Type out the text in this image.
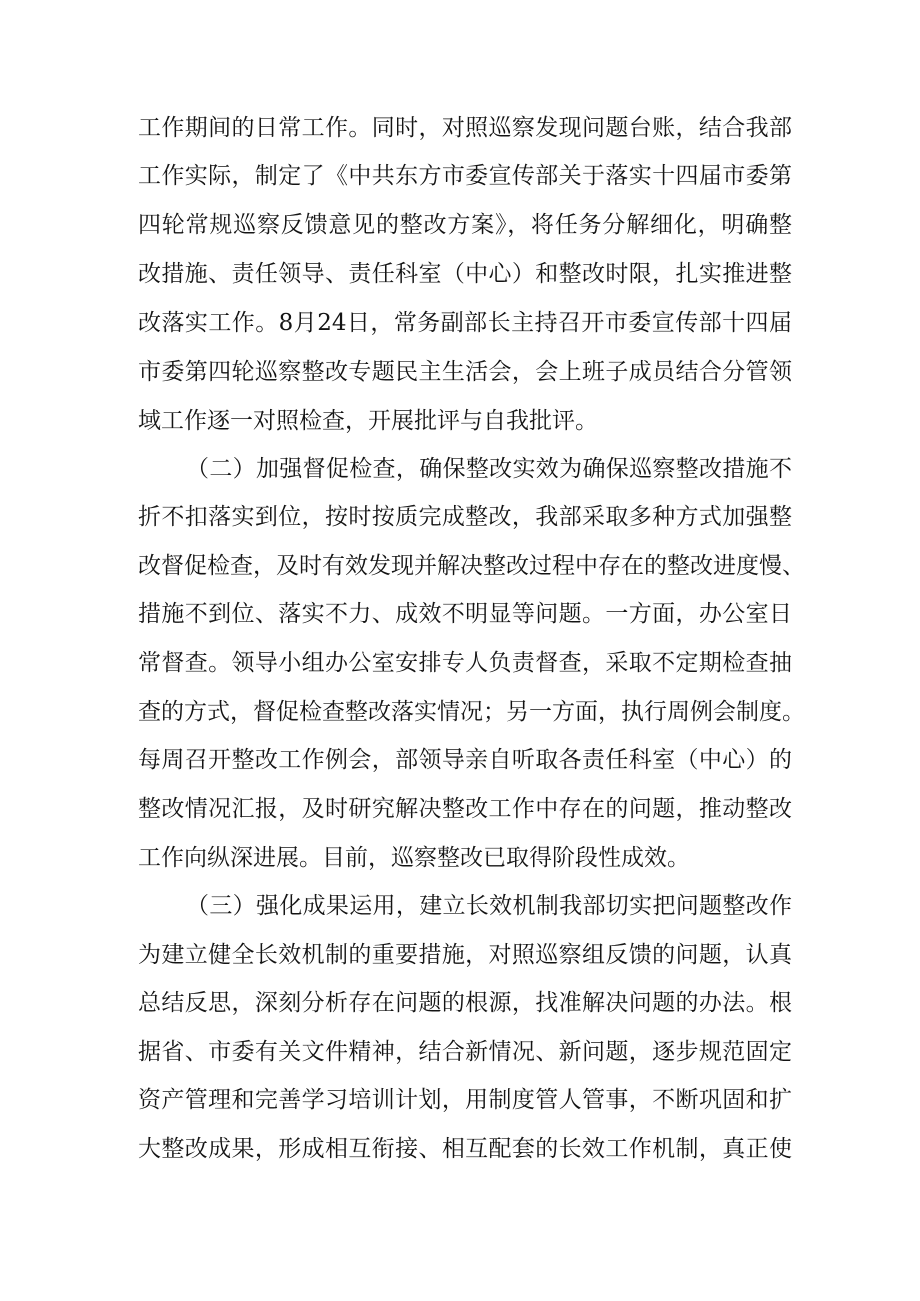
工作期间的日常工作。同时，对照巡察发现问题台账，结合我部
工作实际，制定了《中共东方市委宣传部关于落实十四届市委第
四轮常规巡察反馈意见的整改方案》，将任务分解细化，明确整
改措施、责任领导、责任科室（中心）和整改时限，扎实推进整
改落实工作。8月24日，常务副部长主持召开市委宣传部十四届
市委第四轮巡察整改专题民主生活会，会上班子成员结合分管领
域工作逐一对照检查，开展批评与自我批评。
（二）加强督促检查，确保整改实效为确保巡察整改措施不
折不扣落实到位，按时按质完成整改，我部采取多种方式加强整
改督促检查，及时有效发现并解决整改过程中存在的整改进度慢、
措施不到位、落实不力、成效不明显等问题。一方面，办公室日
常督查。领导小组办公室安排专人负责督查，采取不定期检查抽
查的方式，督促检查整改落实情况；另一方面，执行周例会制度。
每周召开整改工作例会，部领导亲自听取各责任科室（中心）的
整改情况汇报，及时研究解决整改工作中存在的问题，推动整改
工作向纵深进展。目前，巡察整改已取得阶段性成效。
（三）强化成果运用，建立长效机制我部切实把问题整改作
为建立健全长效机制的重要措施，对照巡察组反馈的问题，认真
总结反思，深刻分析存在问题的根源，找准解决问题的办法。根
据省、市委有关文件精神，结合新情况、新问题，逐步规范固定
资产管理和完善学习培训计划，用制度管人管事，不断巩固和扩
大整改成果，形成相互衔接、相互配套的长效工作机制，真正使
